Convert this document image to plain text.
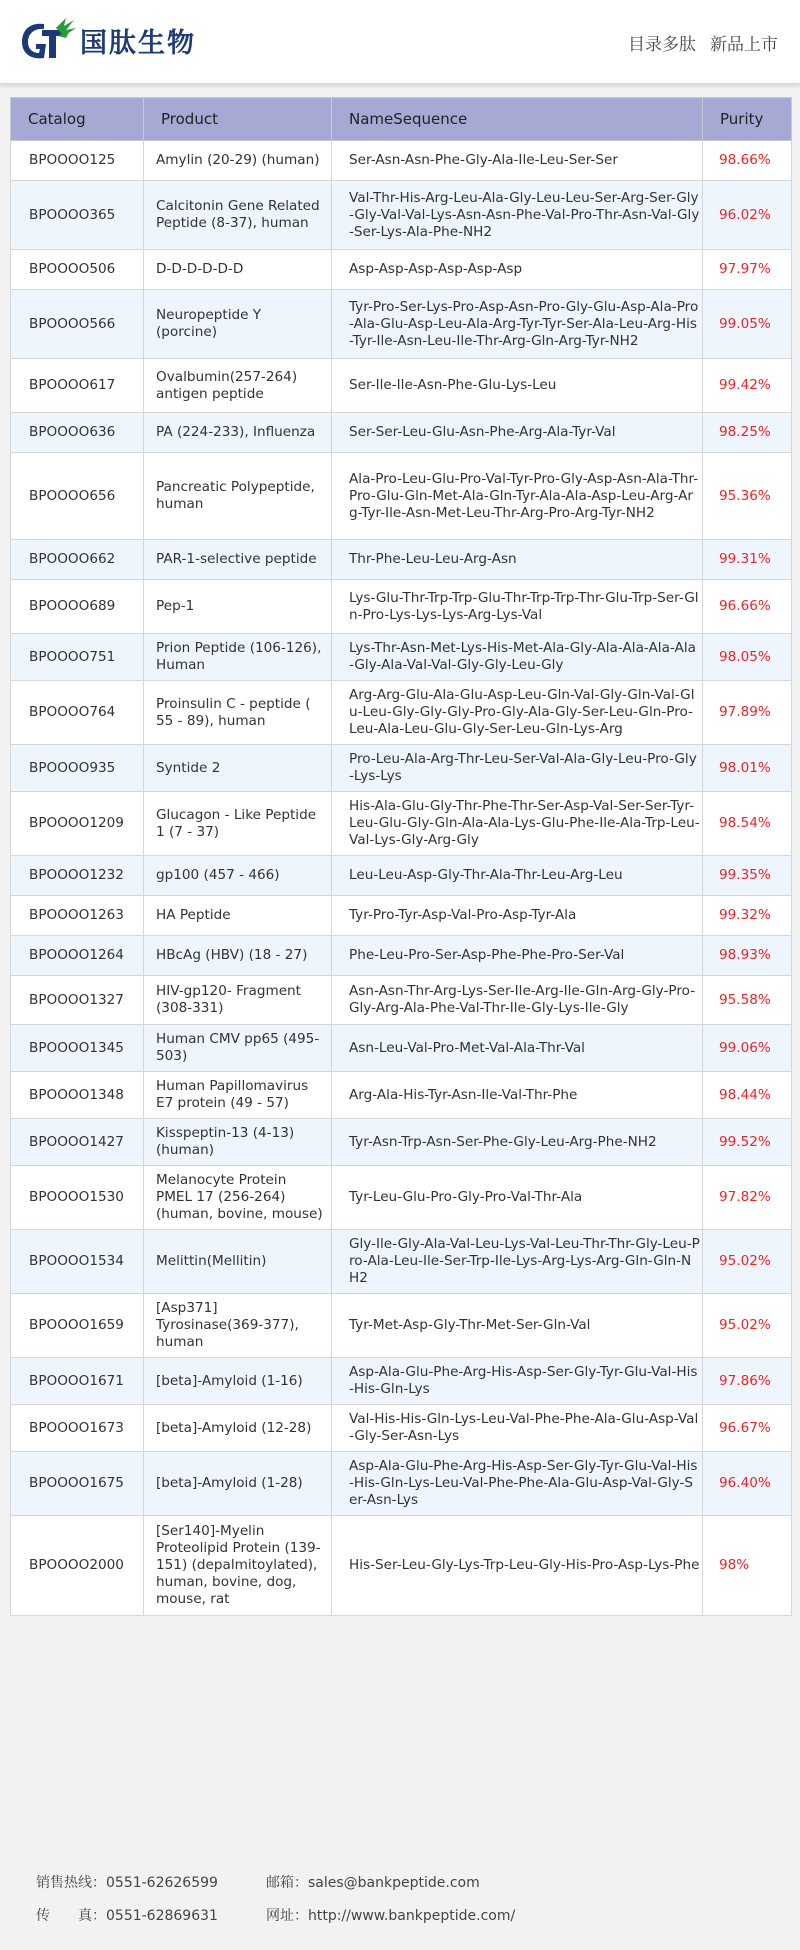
国肽生物	目录多肽 新品上市
Catalog	Product	NameSequence	Purity
BPOOOO125	Amylin (20-29) (human)	Ser-Asn-Asn-Phe-Gly-Ala-Ile-Leu-Ser-Ser	98.66%
BPOOOO365	Calcitonin Gene Related Peptide (8-37), human	Val-Thr-His-Arg-Leu-Ala-Gly-Leu-Leu-Ser-Arg-Ser-Gly-Gly-Val-Val-Lys-Asn-Asn-Phe-Val-Pro-Thr-Asn-Val-Gly-Ser-Lys-Ala-Phe-NH2	96.02%
BPOOOO506	D-D-D-D-D-D	Asp-Asp-Asp-Asp-Asp-Asp	97.97%
BPOOOO566	Neuropeptide Y (porcine)	Tyr-Pro-Ser-Lys-Pro-Asp-Asn-Pro-Gly-Glu-Asp-Ala-Pro-Ala-Glu-Asp-Leu-Ala-Arg-Tyr-Tyr-Ser-Ala-Leu-Arg-His-Tyr-Ile-Asn-Leu-Ile-Thr-Arg-Gln-Arg-Tyr-NH2	99.05%
BPOOOO617	Ovalbumin(257-264) antigen peptide	Ser-Ile-Ile-Asn-Phe-Glu-Lys-Leu	99.42%
BPOOOO636	PA (224-233), Influenza	Ser-Ser-Leu-Glu-Asn-Phe-Arg-Ala-Tyr-Val	98.25%
BPOOOO656	Pancreatic Polypeptide, human	Ala-Pro-Leu-Glu-Pro-Val-Tyr-Pro-Gly-Asp-Asn-Ala-Thr-Pro-Glu-Gln-Met-Ala-Gln-Tyr-Ala-Ala-Asp-Leu-Arg-Arg-Tyr-Ile-Asn-Met-Leu-Thr-Arg-Pro-Arg-Tyr-NH2	95.36%
BPOOOO662	PAR-1-selective peptide	Thr-Phe-Leu-Leu-Arg-Asn	99.31%
BPOOOO689	Pep-1	Lys-Glu-Thr-Trp-Trp-Glu-Thr-Trp-Trp-Thr-Glu-Trp-Ser-Gln-Pro-Lys-Lys-Lys-Arg-Lys-Val	96.66%
BPOOOO751	Prion Peptide (106-126), Human	Lys-Thr-Asn-Met-Lys-His-Met-Ala-Gly-Ala-Ala-Ala-Ala-Gly-Ala-Val-Val-Gly-Gly-Leu-Gly	98.05%
BPOOOO764	Proinsulin C - peptide ( 55 - 89), human	Arg-Arg-Glu-Ala-Glu-Asp-Leu-Gln-Val-Gly-Gln-Val-Glu-Leu-Gly-Gly-Gly-Pro-Gly-Ala-Gly-Ser-Leu-Gln-Pro-Leu-Ala-Leu-Glu-Gly-Ser-Leu-Gln-Lys-Arg	97.89%
BPOOOO935	Syntide 2	Pro-Leu-Ala-Arg-Thr-Leu-Ser-Val-Ala-Gly-Leu-Pro-Gly-Lys-Lys	98.01%
BPOOOO1209	Glucagon - Like Peptide 1 (7 - 37)	His-Ala-Glu-Gly-Thr-Phe-Thr-Ser-Asp-Val-Ser-Ser-Tyr-Leu-Glu-Gly-Gln-Ala-Ala-Lys-Glu-Phe-Ile-Ala-Trp-Leu-Val-Lys-Gly-Arg-Gly	98.54%
BPOOOO1232	gp100 (457 - 466)	Leu-Leu-Asp-Gly-Thr-Ala-Thr-Leu-Arg-Leu	99.35%
BPOOOO1263	HA Peptide	Tyr-Pro-Tyr-Asp-Val-Pro-Asp-Tyr-Ala	99.32%
BPOOOO1264	HBcAg (HBV) (18 - 27)	Phe-Leu-Pro-Ser-Asp-Phe-Phe-Pro-Ser-Val	98.93%
BPOOOO1327	HIV-gp120- Fragment (308-331)	Asn-Asn-Thr-Arg-Lys-Ser-Ile-Arg-Ile-Gln-Arg-Gly-Pro-Gly-Arg-Ala-Phe-Val-Thr-Ile-Gly-Lys-Ile-Gly	95.58%
BPOOOO1345	Human CMV pp65 (495-503)	Asn-Leu-Val-Pro-Met-Val-Ala-Thr-Val	99.06%
BPOOOO1348	Human Papillomavirus E7 protein (49 - 57)	Arg-Ala-His-Tyr-Asn-Ile-Val-Thr-Phe	98.44%
BPOOOO1427	Kisspeptin-13 (4-13) (human)	Tyr-Asn-Trp-Asn-Ser-Phe-Gly-Leu-Arg-Phe-NH2	99.52%
BPOOOO1530	Melanocyte Protein PMEL 17 (256-264) (human, bovine, mouse)	Tyr-Leu-Glu-Pro-Gly-Pro-Val-Thr-Ala	97.82%
BPOOOO1534	Melittin(Mellitin)	Gly-Ile-Gly-Ala-Val-Leu-Lys-Val-Leu-Thr-Thr-Gly-Leu-Pro-Ala-Leu-Ile-Ser-Trp-Ile-Lys-Arg-Lys-Arg-Gln-Gln-NH2	95.02%
BPOOOO1659	[Asp371] Tyrosinase(369-377), human	Tyr-Met-Asp-Gly-Thr-Met-Ser-Gln-Val	95.02%
BPOOOO1671	[beta]-Amyloid (1-16)	Asp-Ala-Glu-Phe-Arg-His-Asp-Ser-Gly-Tyr-Glu-Val-His-His-Gln-Lys	97.86%
BPOOOO1673	[beta]-Amyloid (12-28)	Val-His-His-Gln-Lys-Leu-Val-Phe-Phe-Ala-Glu-Asp-Val-Gly-Ser-Asn-Lys	96.67%
BPOOOO1675	[beta]-Amyloid (1-28)	Asp-Ala-Glu-Phe-Arg-His-Asp-Ser-Gly-Tyr-Glu-Val-His-His-Gln-Lys-Leu-Val-Phe-Phe-Ala-Glu-Asp-Val-Gly-Ser-Asn-Lys	96.40%
BPOOOO2000	[Ser140]-Myelin Proteolipid Protein (139-151) (depalmitoylated), human, bovine, dog, mouse, rat	His-Ser-Leu-Gly-Lys-Trp-Leu-Gly-His-Pro-Asp-Lys-Phe	98%
销售热线：0551-62626599	邮箱：sales@bankpeptide.com
传　　真：0551-62869631	网址：http://www.bankpeptide.com/
